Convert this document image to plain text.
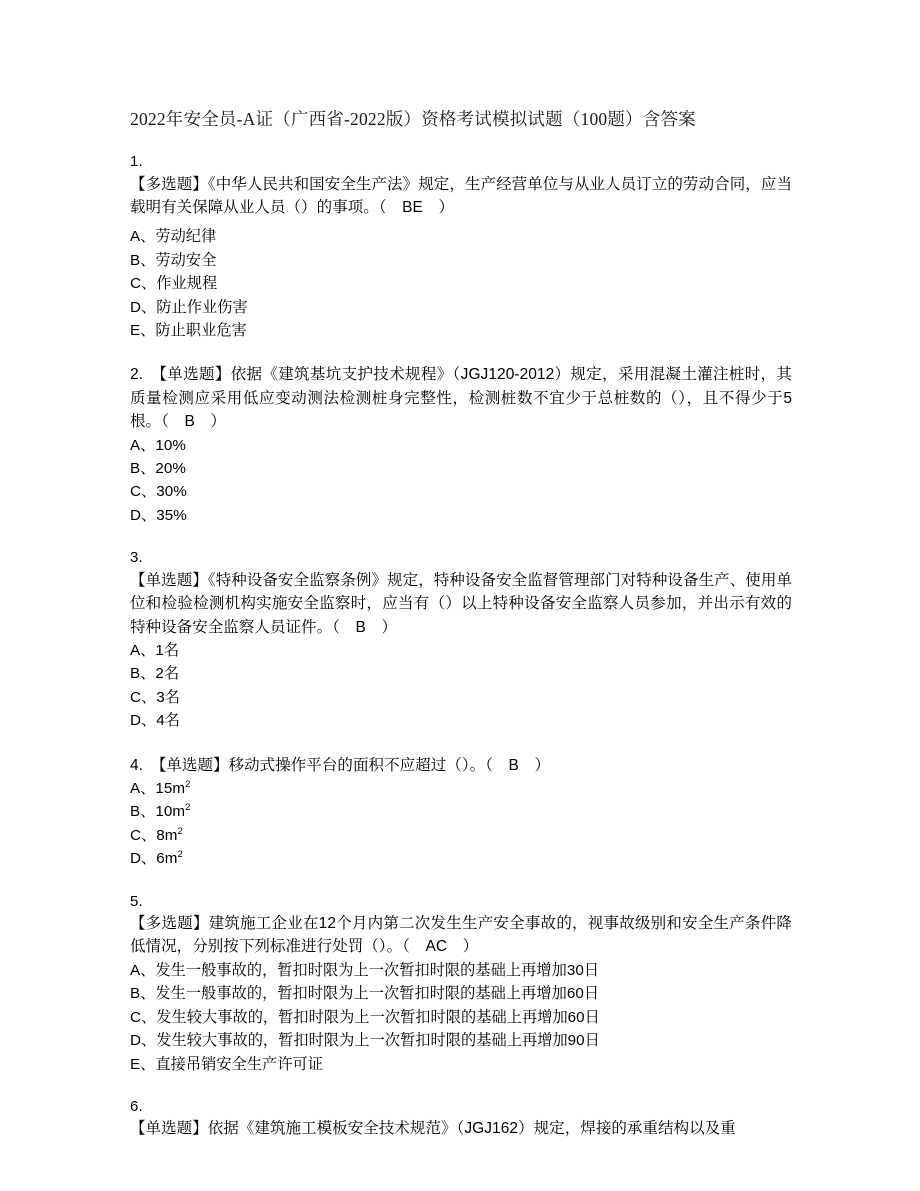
2022年安全员-A证（广西省-2022版）资格考试模拟试题（100题）含答案
1.
【多选题】《中华人民共和国安全生产法》规定，生产经营单位与从业人员订立的劳动合同，应当载明有关保障从业人员（）的事项。（　BE　）
A、劳动纪律
B、劳动安全
C、作业规程
D、防止作业伤害
E、防止职业危害
2.　【单选题】依据《建筑基坑支护技术规程》（JGJ120-2012）规定，采用混凝土灌注桩时，其质量检测应采用低应变动测法检测桩身完整性，检测桩数不宜少于总桩数的（），且不得少于5根。（　B　）
A、10%
B、20%
C、30%
D、35%
3.
【单选题】《特种设备安全监察条例》规定，特种设备安全监督管理部门对特种设备生产、使用单位和检验检测机构实施安全监察时，应当有（）以上特种设备安全监察人员参加，并出示有效的特种设备安全监察人员证件。（　B　）
A、1名
B、2名
C、3名
D、4名
4.　【单选题】移动式操作平台的面积不应超过（）。（　B　）
A、$15m^2$
B、$10m^2$
C、$8m^2$
D、$6m^2$
5.
【多选题】建筑施工企业在12个月内第二次发生生产安全事故的，视事故级别和安全生产条件降低情况，分别按下列标准进行处罚（）。（　AC　）
A、发生一般事故的，暂扣时限为上一次暂扣时限的基础上再增加30日
B、发生一般事故的，暂扣时限为上一次暂扣时限的基础上再增加60日
C、发生较大事故的，暂扣时限为上一次暂扣时限的基础上再增加60日
D、发生较大事故的，暂扣时限为上一次暂扣时限的基础上再增加90日
E、直接吊销安全生产许可证
6.
【单选题】依据《建筑施工模板安全技术规范》（JGJ162）规定，焊接的承重结构以及重
